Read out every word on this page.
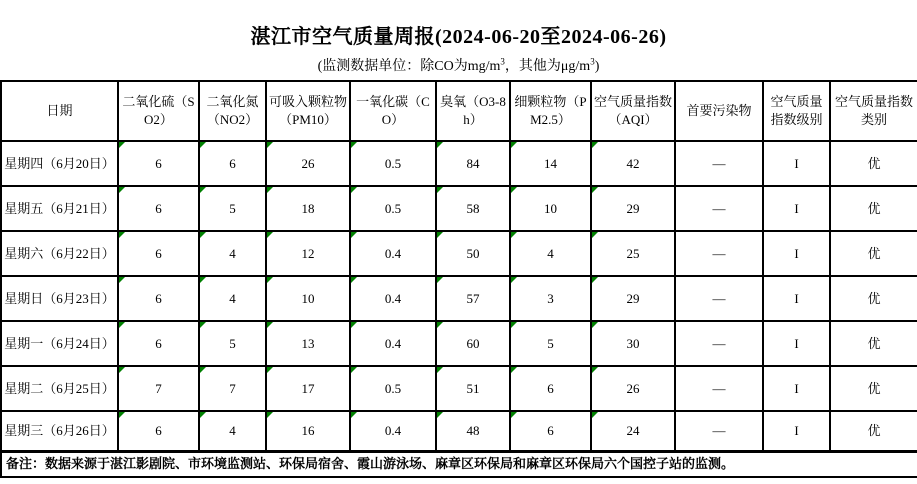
湛江市空气质量周报(2024-06-20至2024-06-26)
(监测数据单位：除CO为$mg/m^3$，其他为$\mu g/m^3$)
日期	二氧化硫（SO2）	二氧化氮（NO2）	可吸入颗粒物（PM10）	一氧化碳（CO）	臭氧（O3-8h）	细颗粒物（PM2.5）	空气质量指数（AQI）	首要污染物	空气质量指数级别	空气质量指数类别
星期四（6月20日）	6	6	26	0.5	84	14	42	—	I	优
星期五（6月21日）	6	5	18	0.5	58	10	29	—	I	优
星期六（6月22日）	6	4	12	0.4	50	4	25	—	I	优
星期日（6月23日）	6	4	10	0.4	57	3	29	—	I	优
星期一（6月24日）	6	5	13	0.4	60	5	30	—	I	优
星期二（6月25日）	7	7	17	0.5	51	6	26	—	I	优
星期三（6月26日）	6	4	16	0.4	48	6	24	—	I	优
备注：数据来源于湛江影剧院、市环境监测站、环保局宿舍、霞山游泳场、麻章区环保局和麻章区环保局六个国控子站的监测。										
